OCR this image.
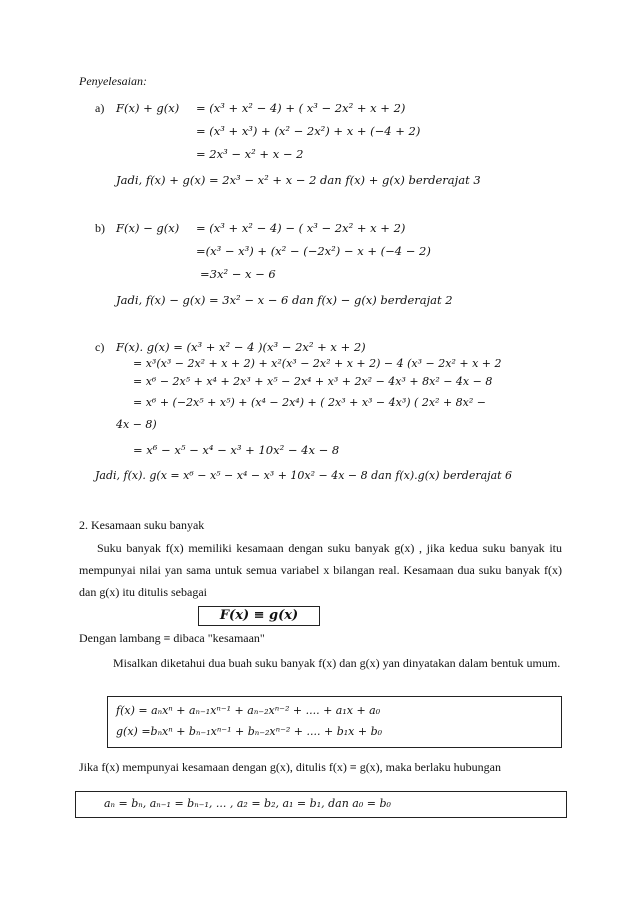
Penyelesaian:
a) F(x) + g(x) = (x³ + x² − 4) + ( x³ − 2x² + x + 2)
= (x³ + x³) + (x² − 2x²) + x + (−4 + 2)
= 2x³ − x² + x − 2
Jadi, f(x) + g(x) = 2x³ − x² + x − 2 dan f(x) + g(x) berderajat 3
b) F(x) − g(x) = (x³ + x² − 4) − ( x³ − 2x² + x + 2)
=(x³ − x³) + (x² − (−2x²) − x + (−4 − 2)
=3x² − x − 6
Jadi, f(x) − g(x) = 3x² − x − 6 dan f(x) − g(x) berderajat 2
c) F(x). g(x) = (x³ + x² − 4 )(x³ − 2x² + x + 2)
= x³(x³ − 2x² + x + 2) + x²(x³ − 2x² + x + 2) − 4 (x³ − 2x² + x + 2
= x⁶ − 2x⁵ + x⁴ + 2x³ + x⁵ − 2x⁴ + x³ + 2x² − 4x³ + 8x² − 4x − 8
= x⁶ + (−2x⁵ + x⁵) + (x⁴ − 2x⁴) + ( 2x³ + x³ − 4x³) ( 2x² + 8x² −
4x − 8)
= x⁶ − x⁵ − x⁴ − x³ + 10x² − 4x − 8
Jadi, f(x). g(x = x⁶ − x⁵ − x⁴ − x³ + 10x² − 4x − 8 dan f(x).g(x) berderajat 6
2. Kesamaan suku banyak
Suku banyak f(x) memiliki kesamaan dengan suku banyak g(x) , jika kedua suku banyak itu mempunyai nilai yan sama untuk semua variabel x bilangan real. Kesamaan dua suku banyak f(x) dan g(x) itu ditulis sebagai
F(x) ≡ g(x)
Dengan lambang ≡ dibaca "kesamaan"
Misalkan diketahui dua buah suku banyak f(x) dan g(x) yan dinyatakan dalam bentuk umum.
f(x) = aₙxⁿ + aₙ₋₁xⁿ⁻¹ + aₙ₋₂xⁿ⁻² + .... + a₁x + a₀
g(x) =bₙxⁿ + bₙ₋₁xⁿ⁻¹ + bₙ₋₂xⁿ⁻² + .... + b₁x + b₀
Jika f(x) mempunyai kesamaan dengan g(x), ditulis f(x) ≡ g(x), maka berlaku hubungan
aₙ = bₙ, aₙ₋₁ = bₙ₋₁, ... , a₂ = b₂, a₁ = b₁, dan a₀ = b₀
